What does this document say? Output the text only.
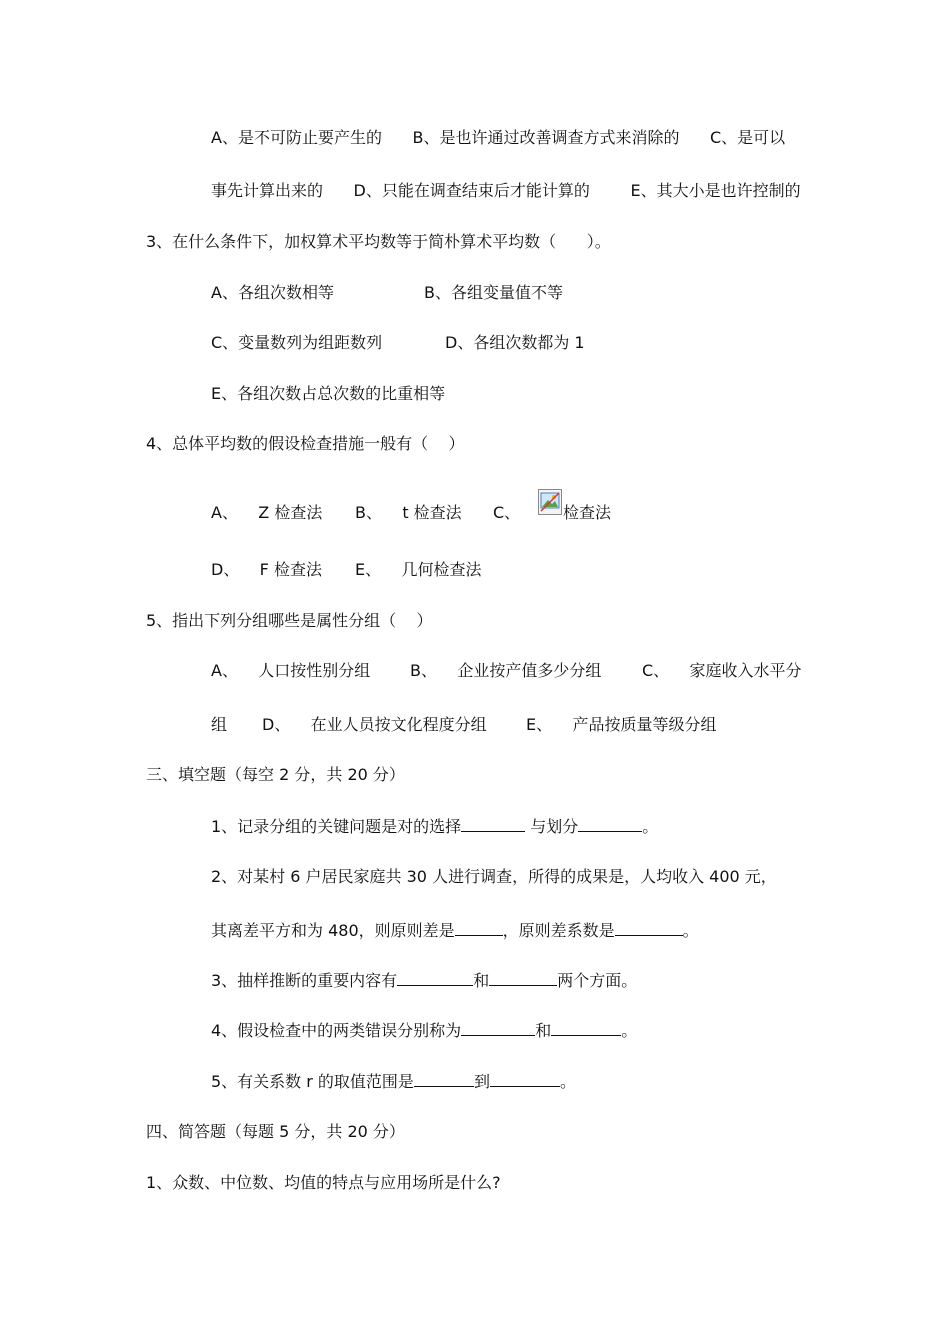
A、是不可防止要产生的      B、是也许通过改善调查方式来消除的      C、是可以
事先计算出来的      D、只能在调查结束后才能计算的        E、其大小是也许控制的
3、在什么条件下，加权算术平均数等于简朴算术平均数（      ）。
A、各组次数相等	B、各组变量值不等
C、变量数列为组距数列	D、各组次数都为 1
E、各组次数占总次数的比重相等
4、总体平均数的假设检查措施一般有（    ）
A、    Z 检查法 B、    t 检查法 C、	检查法
D、    F 检查法 E、    几何检查法
5、指出下列分组哪些是属性分组（    ）
A、    人口按性别分组 B、    企业按产值多少分组	C、    家庭收入水平分
组 D、    在业人员按文化程度分组 E、    产品按质量等级分组
三、填空题（每空 2 分，共 20 分）
1、记录分组的关键问题是对的选择	与划分	。
2、对某村 6 户居民家庭共 30 人进行调查，所得的成果是，人均收入 400 元，
其离差平方和为 480，则原则差是	，原则差系数是	。
3、抽样推断的重要内容有	和	两个方面。
4、假设检查中的两类错误分别称为	和	。
5、有关系数 r 的取值范围是	到	。
四、简答题（每题 5 分，共 20 分）
1、众数、中位数、均值的特点与应用场所是什么?
